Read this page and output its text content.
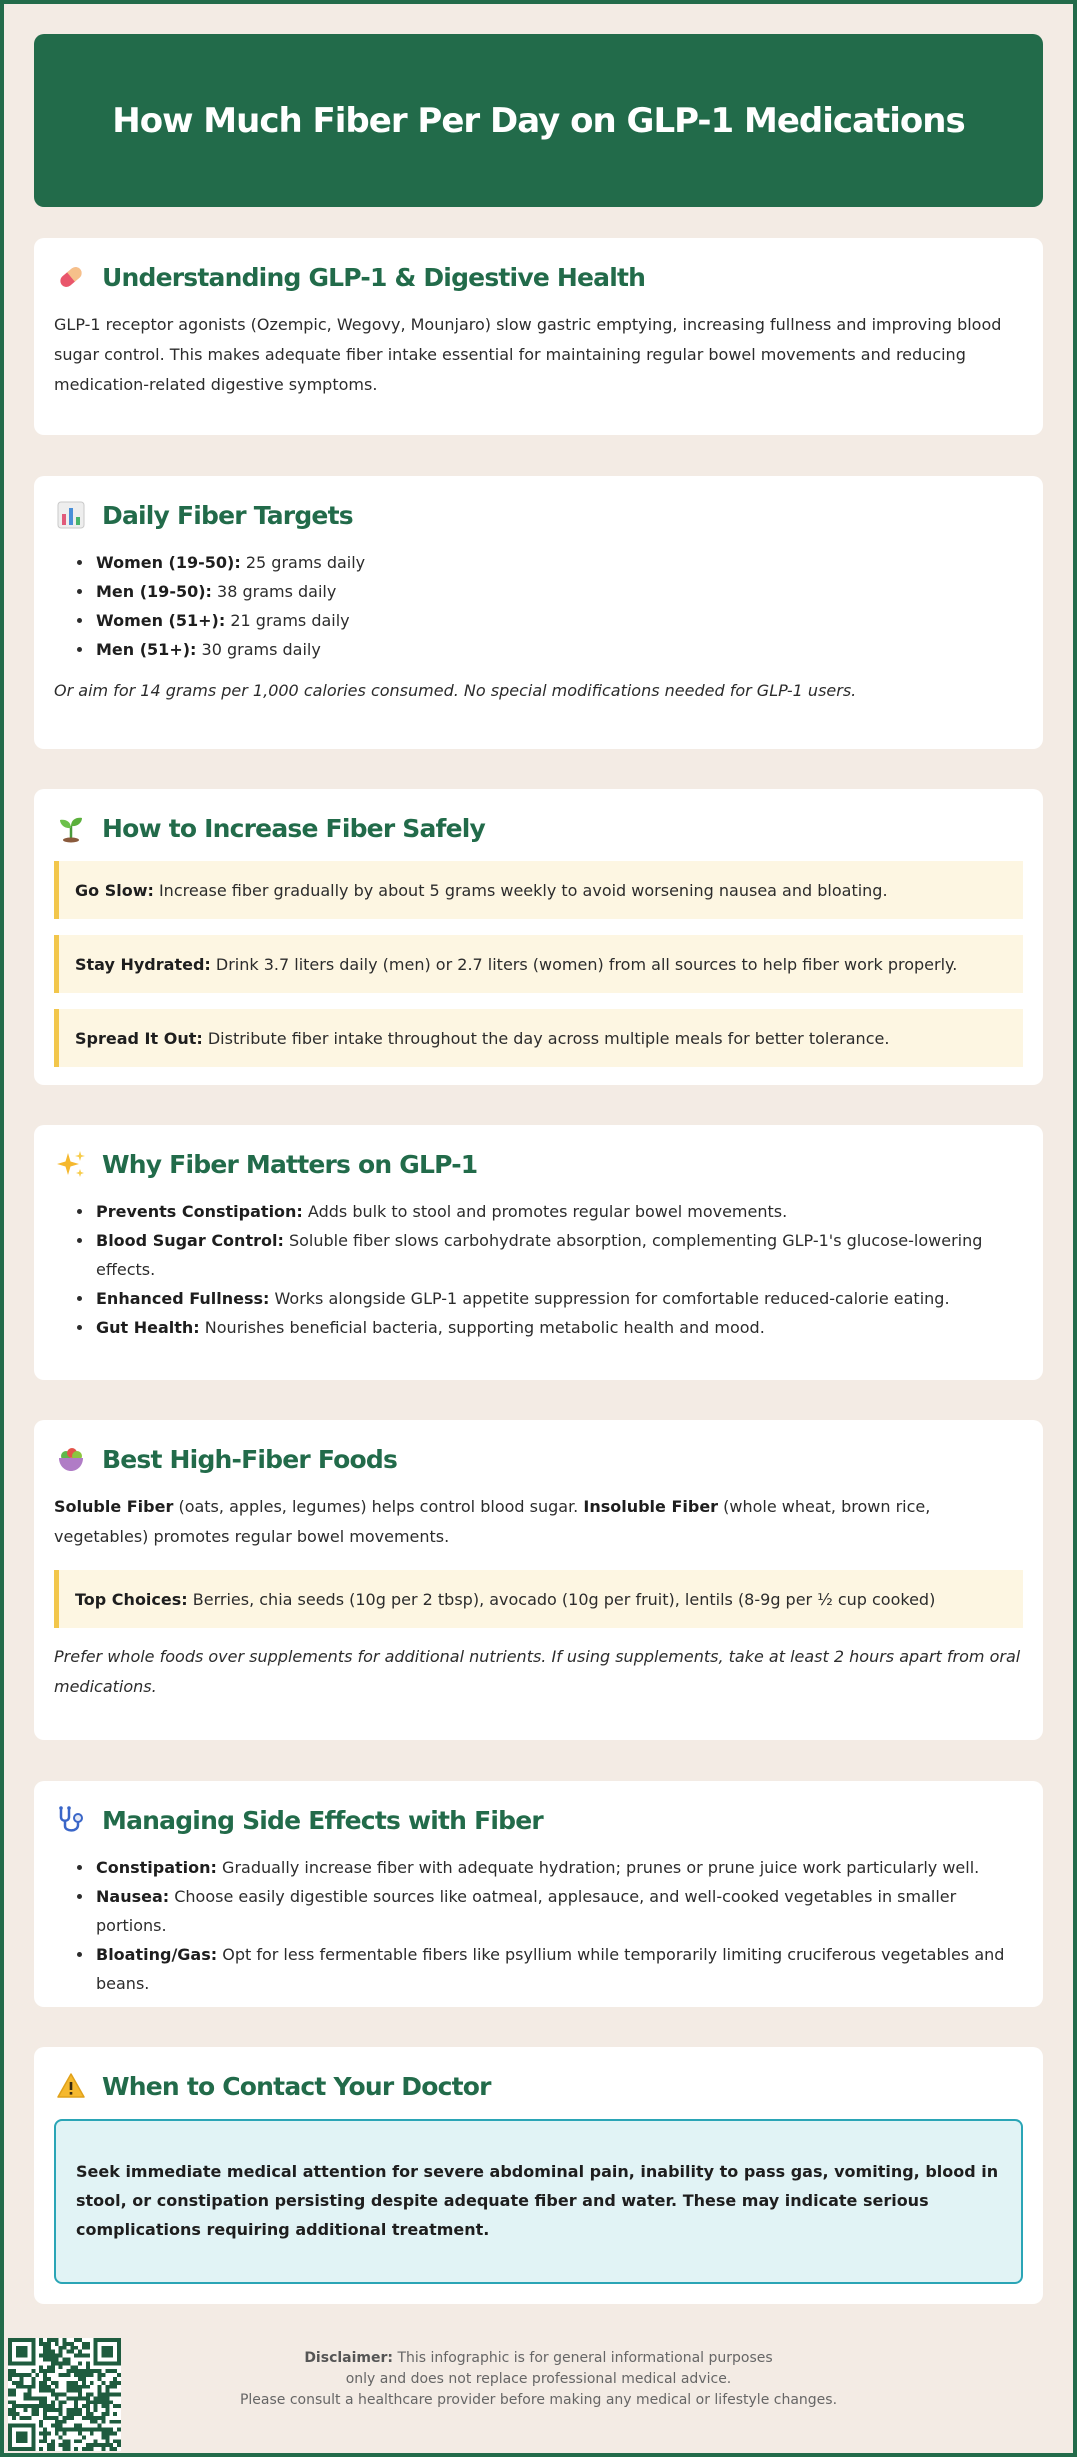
How Much Fiber Per Day on GLP-1 Medications
Understanding GLP-1 & Digestive Health

GLP-1 receptor agonists (Ozempic, Wegovy, Mounjaro) slow gastric emptying, increasing fullness and improving blood sugar control. This makes adequate fiber intake essential for maintaining regular bowel movements and reducing medication-related digestive symptoms.

Daily Fiber Targets
• Women (19-50): 25 grams daily
• Men (19-50): 38 grams daily
• Women (51+): 21 grams daily
• Men (51+): 30 grams daily

Or aim for 14 grams per 1,000 calories consumed. No special modifications needed for GLP-1 users.

How to Increase Fiber Safely
Go Slow: Increase fiber gradually by about 5 grams weekly to avoid worsening nausea and bloating.
Stay Hydrated: Drink 3.7 liters daily (men) or 2.7 liters (women) from all sources to help fiber work properly.
Spread It Out: Distribute fiber intake throughout the day across multiple meals for better tolerance.
Why Fiber Matters on GLP-1
• Prevents Constipation: Adds bulk to stool and promotes regular bowel movements.
• Blood Sugar Control: Soluble fiber slows carbohydrate absorption, complementing GLP-1's glucose-lowering effects.
• Enhanced Fullness: Works alongside GLP-1 appetite suppression for comfortable reduced-calorie eating.
• Gut Health: Nourishes beneficial bacteria, supporting metabolic health and mood.
Best High-Fiber Foods

Soluble Fiber (oats, apples, legumes) helps control blood sugar. Insoluble Fiber (whole wheat, brown rice, vegetables) promotes regular bowel movements.

Top Choices: Berries, chia seeds (10g per 2 tbsp), avocado (10g per fruit), lentils (8-9g per ½ cup cooked)

Prefer whole foods over supplements for additional nutrients. If using supplements, take at least 2 hours apart from oral medications.

Managing Side Effects with Fiber
• Constipation: Gradually increase fiber with adequate hydration; prunes or prune juice work particularly well.
• Nausea: Choose easily digestible sources like oatmeal, applesauce, and well-cooked vegetables in smaller portions.
• Bloating/Gas: Opt for less fermentable fibers like psyllium while temporarily limiting cruciferous vegetables and beans.
When to Contact Your Doctor
Seek immediate medical attention for severe abdominal pain, inability to pass gas, vomiting, blood in stool, or constipation persisting despite adequate fiber and water. These may indicate serious complications requiring additional treatment.
Disclaimer: This infographic is for general informational purposes
only and does not replace professional medical advice.
Please consult a healthcare provider before making any medical or lifestyle changes.
